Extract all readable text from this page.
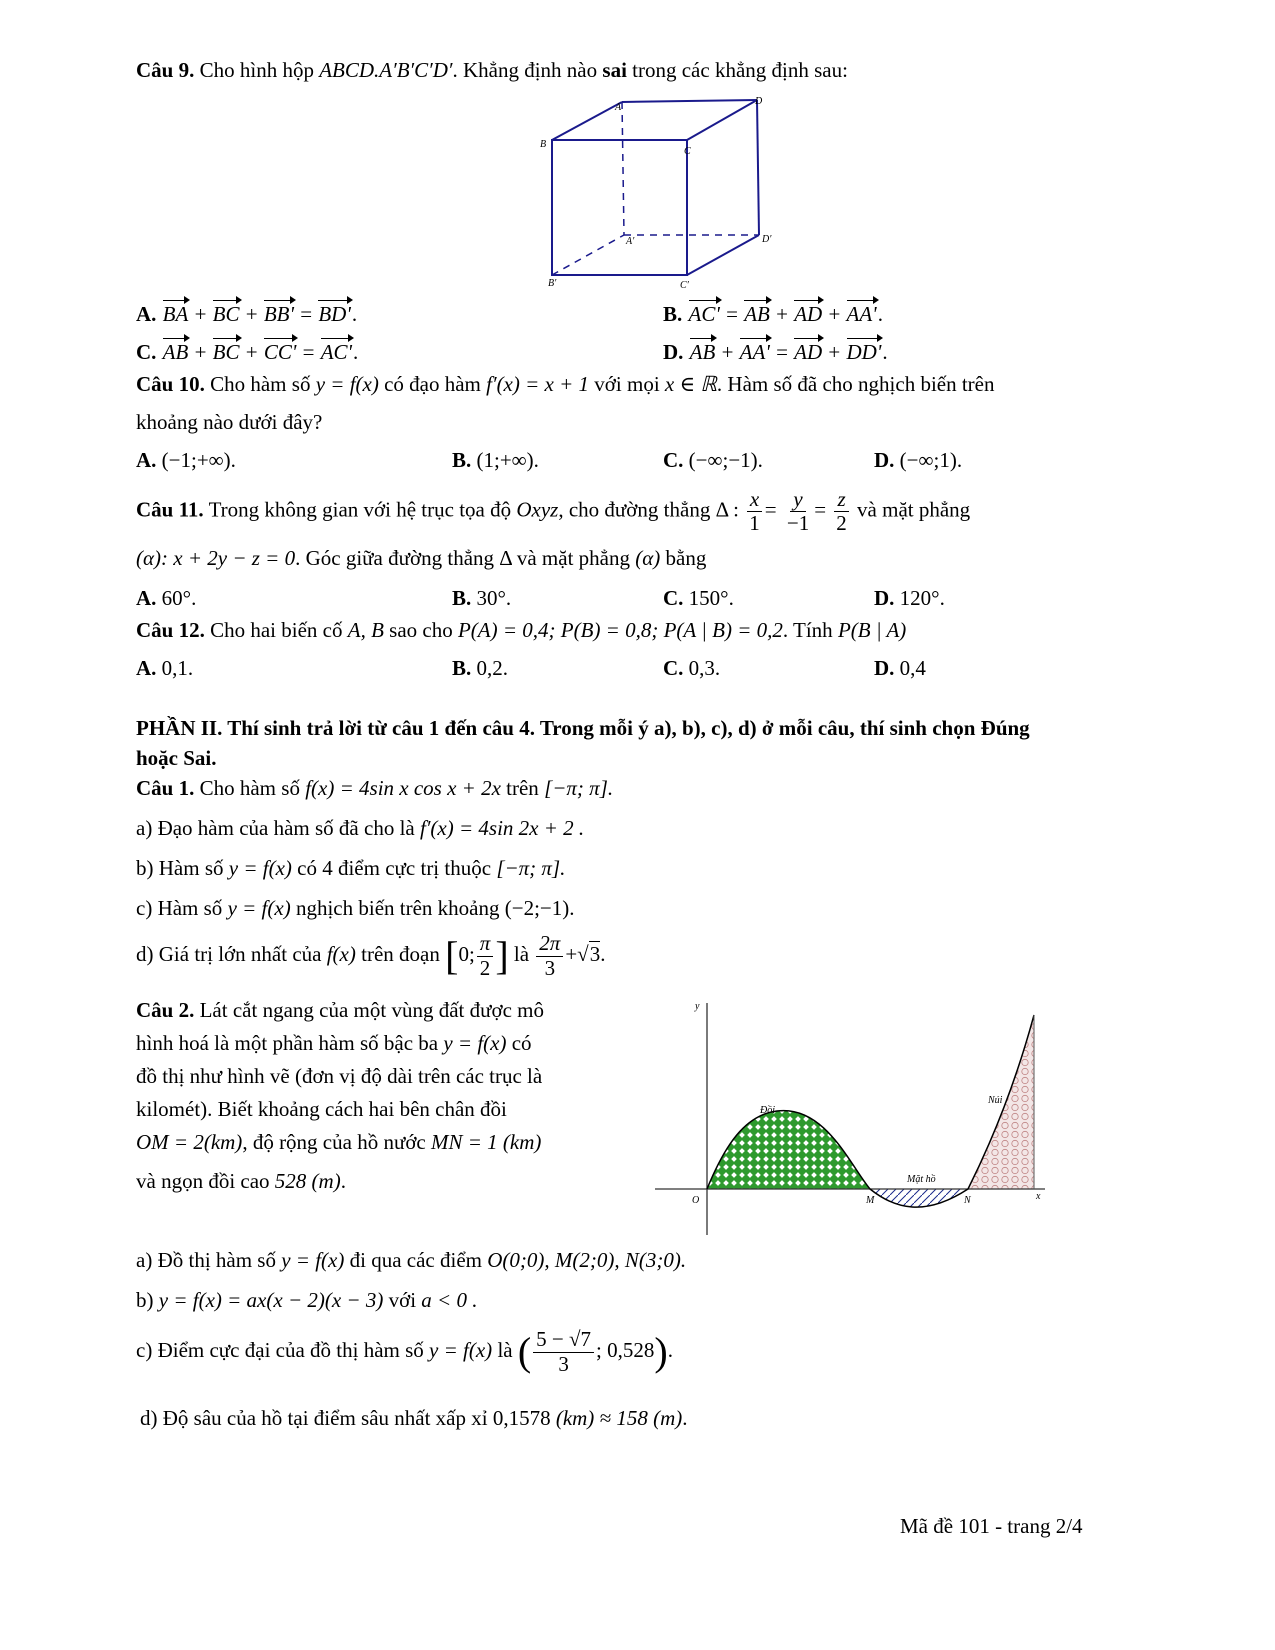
Câu 9. Cho hình hộp ABCD.A′B′C′D′. Khẳng định nào sai trong các khẳng định sau:
A
D
B
C
A′	D′
B′	C′
A. BA + BC + BB' = BD'.	B. AC' = AB + AD + AA'.
C. AB + BC + CC' = AC'.	D. AB + AA' = AD + DD'.
Câu 10. Cho hàm số y = f(x) có đạo hàm f′(x) = x + 1 với mọi x ∈ ℝ. Hàm số đã cho nghịch biến trên
khoảng nào dưới đây?
A. (−1;+∞).	B. (1;+∞).	C. (−∞;−1).	D. (−∞;1).
Câu 11. Trong không gian với hệ trục tọa độ Oxyz, cho đường thẳng Δ : $\frac{x}{1} = \frac{y}{-1} = \frac{z}{2}$ và mặt phẳng
(α): x + 2y − z = 0. Góc giữa đường thẳng Δ và mặt phẳng (α) bằng
A. 60°.	B. 30°.	C. 150°.	D. 120°.
Câu 12. Cho hai biến cố A, B sao cho P(A) = 0,4; P(B) = 0,8; P(A | B) = 0,2. Tính P(B | A)
A. 0,1.	B. 0,2.	C. 0,3.	D. 0,4
PHẦN II. Thí sinh trả lời từ câu 1 đến câu 4. Trong mỗi ý a), b), c), d) ở mỗi câu, thí sinh chọn Đúng
hoặc Sai.
Câu 1. Cho hàm số f(x) = 4sin x cos x + 2x trên [−π; π].
a) Đạo hàm của hàm số đã cho là f′(x) = 4sin 2x + 2 .
b) Hàm số y = f(x) có 4 điểm cực trị thuộc [−π; π].
c) Hàm số y = f(x) nghịch biến trên khoảng (−2;−1).
d) Giá trị lớn nhất của f(x) trên đoạn [0; $\frac{\pi}{2}$ ] là $\frac{2\pi}{3} +√3$.
Câu 2. Lát cắt ngang của một vùng đất được mô
hình hoá là một phần hàm số bậc ba y = f(x) có
đồ thị như hình vẽ (đơn vị độ dài trên các trục là
kilomét). Biết khoảng cách hai bên chân đồi
OM = 2(km), độ rộng của hồ nước MN = 1 (km)
và ngọn đồi cao 528 (m).
y
x
O	M	N
Đồi
Mặt hồ
Núi
a) Đồ thị hàm số y = f(x) đi qua các điểm O(0;0), M(2;0), N(3;0).
b) y = f(x) = ax(x − 2)(x − 3) với a < 0 .
c) Điểm cực đại của đồ thị hàm số y = f(x) là ( $\frac{5 - √7}{3}$ ; 0,528).
d) Độ sâu của hồ tại điểm sâu nhất xấp xỉ 0,1578 (km) ≈ 158 (m).
Mã đề 101 - trang 2/4
